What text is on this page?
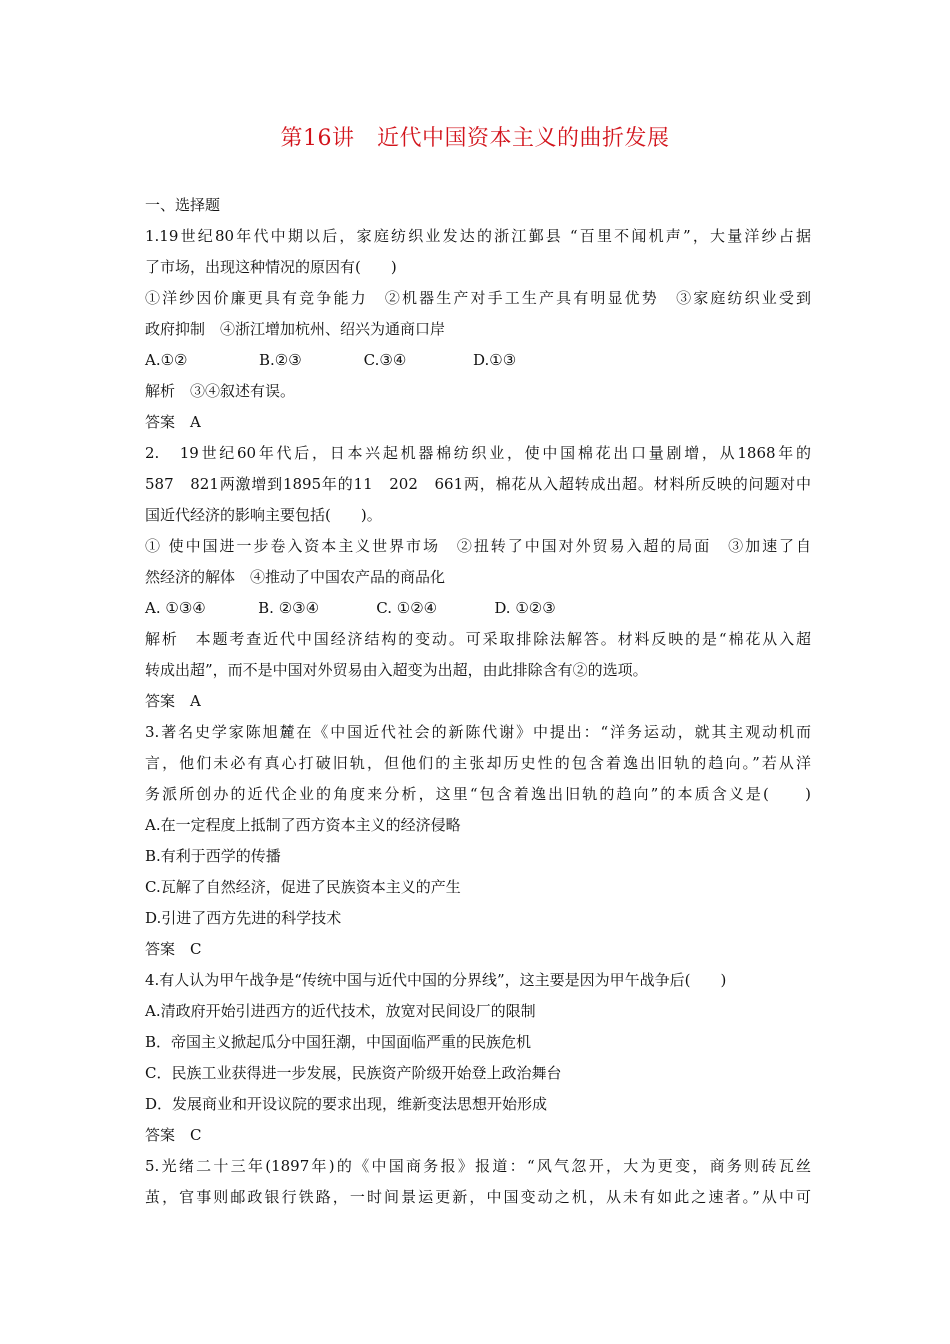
第16讲　近代中国资本主义的曲折发展
一、选择题
1.19世纪80年代中期以后，家庭纺织业发达的浙江鄞县 “百里不闻机声”，大量洋纱占据
了市场，出现这种情况的原因有(　　)
①洋纱因价廉更具有竞争能力　②机器生产对手工生产具有明显优势　③家庭纺织业受到
政府抑制　④浙江增加杭州、绍兴为通商口岸
A.①②               B.②③             C.③④              D.①③
解析　③④叙述有误。
答案　A
2.　19世纪60年代后，日本兴起机器棉纺织业，使中国棉花出口量剧增，从1868年的
587　821两激增到1895年的11　202　661两，棉花从入超转成出超。材料所反映的问题对中
国近代经济的影响主要包括(　　)。
① 使中国进一步卷入资本主义世界市场　②扭转了中国对外贸易入超的局面　③加速了自
然经济的解体　④推动了中国农产品的商品化
A. ①③④           B. ②③④            C. ①②④            D. ①②③
解析　本题考查近代中国经济结构的变动。可采取排除法解答。材料反映的是“棉花从入超
转成出超”，而不是中国对外贸易由入超变为出超，由此排除含有②的选项。
答案　A
3.著名史学家陈旭麓在《中国近代社会的新陈代谢》中提出：“洋务运动，就其主观动机而
言，他们未必有真心打破旧轨，但他们的主张却历史性的包含着逸出旧轨的趋向。”若从洋
务派所创办的近代企业的角度来分析，这里“包含着逸出旧轨的趋向”的本质含义是(　　)
A.在一定程度上抵制了西方资本主义的经济侵略
B.有利于西学的传播
C.瓦解了自然经济，促进了民族资本主义的产生
D.引进了西方先进的科学技术
答案　C
4.有人认为甲午战争是“传统中国与近代中国的分界线”，这主要是因为甲午战争后(　　)
A.清政府开始引进西方的近代技术，放宽对民间设厂的限制
B．帝国主义掀起瓜分中国狂潮，中国面临严重的民族危机
C．民族工业获得进一步发展，民族资产阶级开始登上政治舞台
D．发展商业和开设议院的要求出现，维新变法思想开始形成
答案　C
5.光绪二十三年(1897年)的《中国商务报》报道：“风气忽开，大为更变，商务则砖瓦丝
茧，官事则邮政银行铁路，一时间景运更新，中国变动之机，从未有如此之速者。”从中可
